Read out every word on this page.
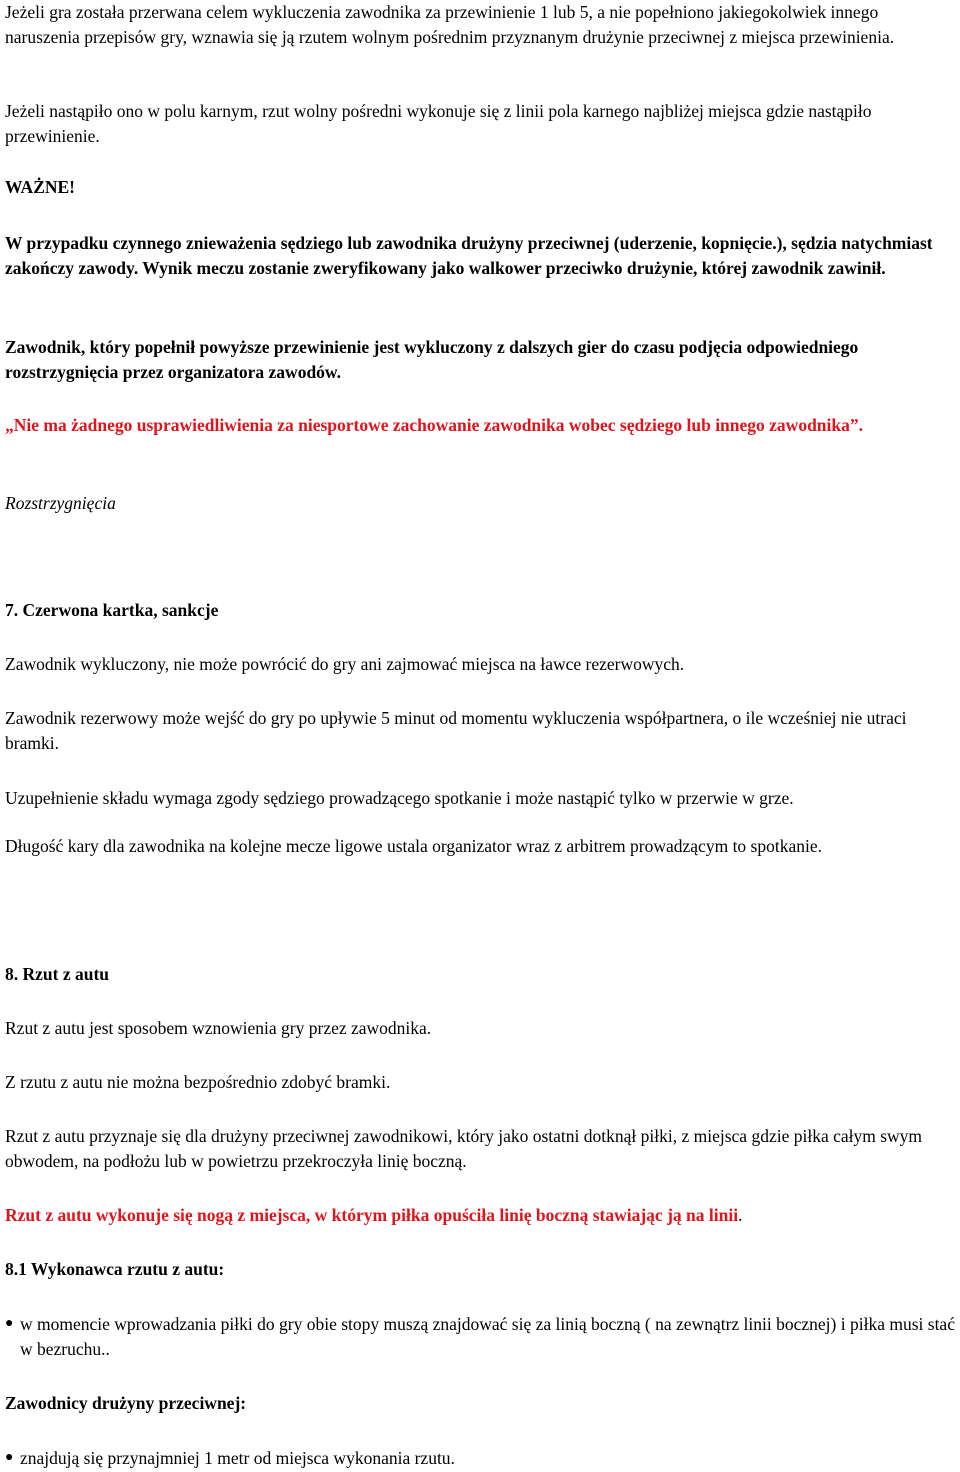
Jeżeli gra została przerwana celem wykluczenia zawodnika za przewinienie 1 lub 5, a nie popełniono jakiegokolwiek innego naruszenia przepisów gry, wznawia się ją rzutem wolnym pośrednim przyznanym drużynie przeciwnej z miejsca przewinienia.

Jeżeli nastąpiło ono w polu karnym, rzut wolny pośredni wykonuje się z linii pola karnego najbliżej miejsca gdzie nastąpiło przewinienie.

WAŻNE!

W przypadku czynnego znieważenia sędziego lub zawodnika drużyny przeciwnej (uderzenie, kopnięcie.), sędzia natychmiast zakończy zawody. Wynik meczu zostanie zweryfikowany jako walkower przeciwko drużynie, której zawodnik zawinił.

Zawodnik, który popełnił powyższe przewinienie jest wykluczony z dalszych gier do czasu podjęcia odpowiedniego rozstrzygnięcia przez organizatora zawodów.

„Nie ma żadnego usprawiedliwienia za niesportowe zachowanie zawodnika wobec sędziego lub innego zawodnika”.

Rozstrzygnięcia

7. Czerwona kartka, sankcje

Zawodnik wykluczony, nie może powrócić do gry ani zajmować miejsca na ławce rezerwowych.

Zawodnik rezerwowy może wejść do gry po upływie 5 minut od momentu wykluczenia współpartnera, o ile wcześniej nie utraci bramki.

Uzupełnienie składu wymaga zgody sędziego prowadzącego spotkanie i może nastąpić tylko w przerwie w grze.

Długość kary dla zawodnika na kolejne mecze ligowe ustala organizator wraz z arbitrem prowadzącym to spotkanie.

8. Rzut z autu

Rzut z autu jest sposobem wznowienia gry przez zawodnika.

Z rzutu z autu nie można bezpośrednio zdobyć bramki.

Rzut z autu przyznaje się dla drużyny przeciwnej zawodnikowi, który jako ostatni dotknął piłki, z miejsca gdzie piłka całym swym obwodem, na podłożu lub w powietrzu przekroczyła linię boczną.

Rzut z autu wykonuje się nogą z miejsca, w którym piłka opuściła linię boczną stawiając ją na linii.

8.1 Wykonawca rzutu z autu:

● w momencie wprowadzania piłki do gry obie stopy muszą znajdować się za linią boczną ( na zewnątrz linii bocznej) i piłka musi stać w bezruchu..

Zawodnicy drużyny przeciwnej:

● znajdują się przynajmniej 1 metr od miejsca wykonania rzutu.
